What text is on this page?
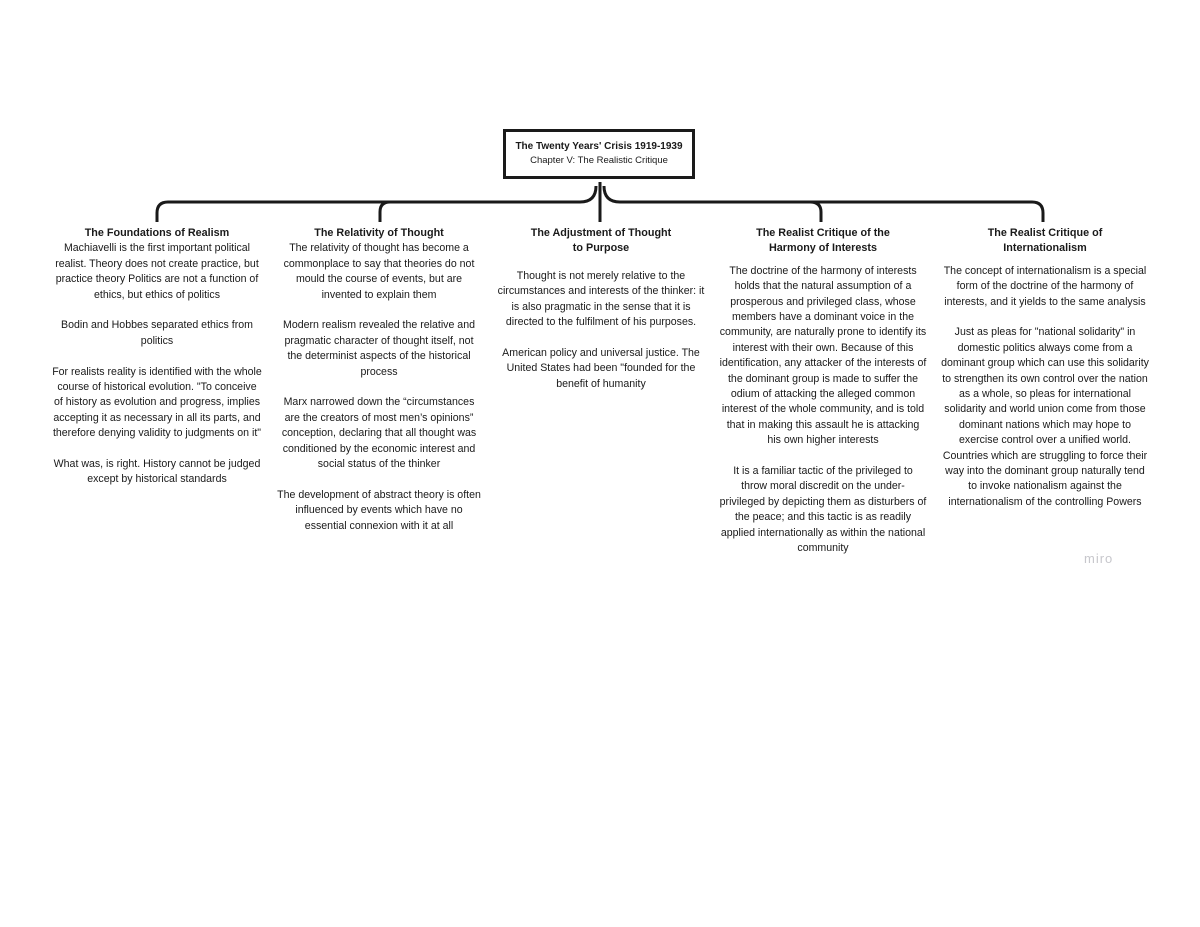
The Twenty Years' Crisis 1919-1939
Chapter V: The Realistic Critique
The Foundations of Realism

Machiavelli is the first important political realist. Theory does not create practice, but practice theory Politics are not a function of ethics, but ethics of politics

Bodin and Hobbes separated ethics from politics

For realists reality is identified with the whole course of historical evolution. "To conceive of history as evolution and progress, implies accepting it as necessary in all its parts, and therefore denying validity to judgments on it"

What was, is right. History cannot be judged except by historical standards

The Relativity of Thought

The relativity of thought has become a commonplace to say that theories do not mould the course of events, but are invented to explain them

Modern realism revealed the relative and pragmatic character of thought itself, not the determinist aspects of the historical process

Marx narrowed down the “circumstances are the creators of most men’s opinions” conception, declaring that all thought was conditioned by the economic interest and social status of the thinker

The development of abstract theory is often influenced by events which have no essential connexion with it at all

The Adjustment of Thought
to Purpose

Thought is not merely relative to the circumstances and interests of the thinker: it is also pragmatic in the sense that it is directed to the fulfilment of his purposes.

American policy and universal justice. The United States had been "founded for the benefit of humanity

The Realist Critique of the
Harmony of Interests

The doctrine of the harmony of interests holds that the natural assumption of a prosperous and privileged class, whose members have a dominant voice in the community, are naturally prone to identify its interest with their own. Because of this identification, any attacker of the interests of the dominant group is made to suffer the odium of attacking the alleged common interest of the whole community, and is told that in making this assault he is attacking his own higher interests

It is a familiar tactic of the privileged to throw moral discredit on the under-privileged by depicting them as disturbers of the peace; and this tactic is as readily applied internationally as within the national community

The Realist Critique of
Internationalism

The concept of internationalism is a special form of the doctrine of the harmony of interests, and it yields to the same analysis

Just as pleas for "national solidarity" in domestic politics always come from a dominant group which can use this solidarity to strengthen its own control over the nation as a whole, so pleas for international solidarity and world union come from those dominant nations which may hope to exercise control over a unified world. Countries which are struggling to force their way into the dominant group naturally tend to invoke nationalism against the internationalism of the controlling Powers

miro
